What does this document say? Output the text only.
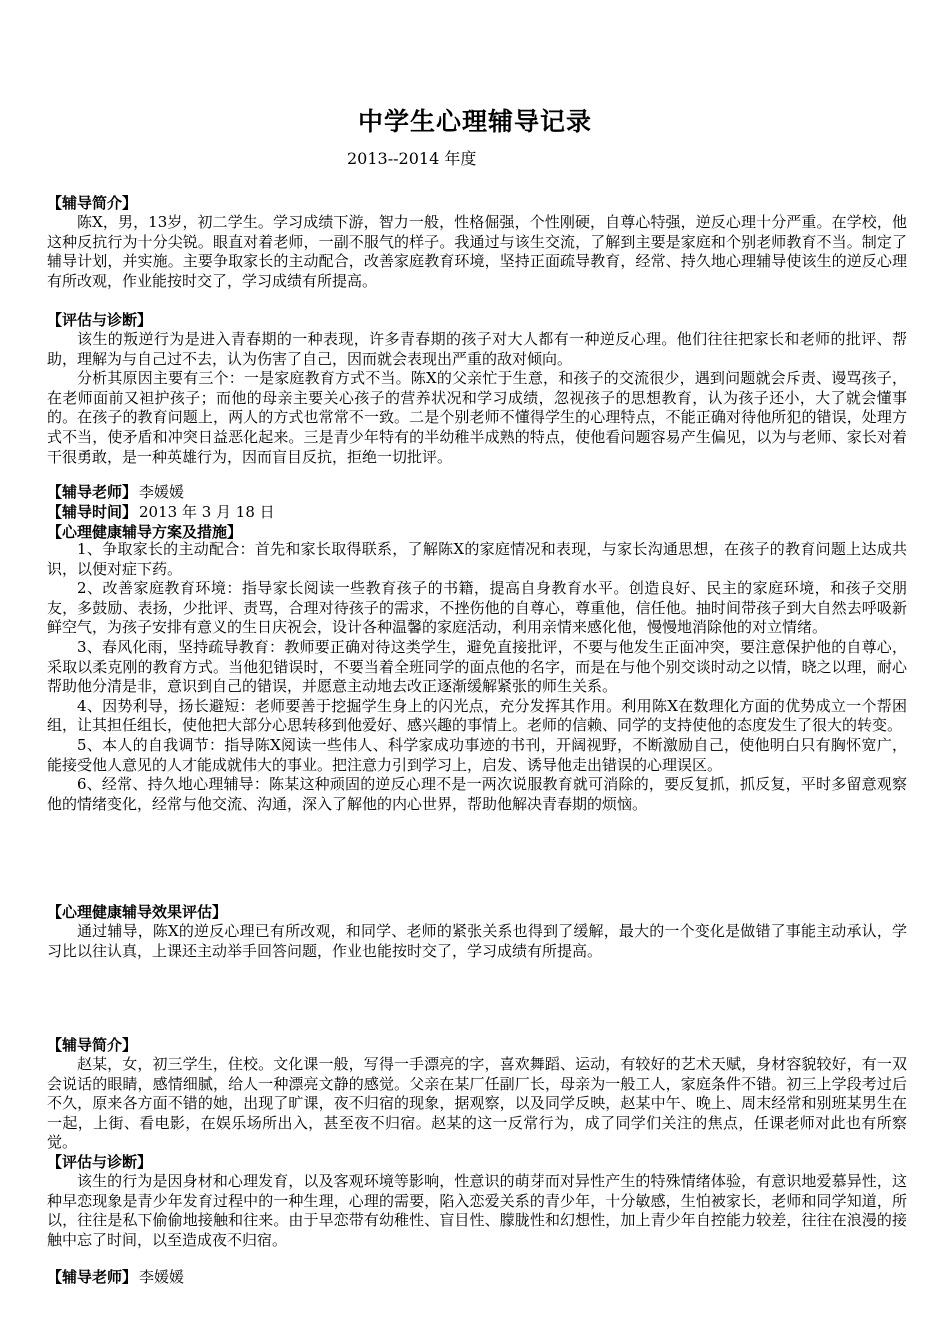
中学生心理辅导记录
2013--2014 年度
【辅导简介】

陈X，男，13岁，初二学生。学习成绩下游，智力一般，性格倔强，个性刚硬，自尊心特强，逆反心理十分严重。在学校，他这种反抗行为十分尖锐。眼直对着老师，一副不服气的样子。我通过与该生交流，了解到主要是家庭和个别老师教育不当。制定了辅导计划，并实施。主要争取家长的主动配合，改善家庭教育环境，坚持正面疏导教育，经常、持久地心理辅导使该生的逆反心理有所改观，作业能按时交了，学习成绩有所提高。

【评估与诊断】

该生的叛逆行为是进入青春期的一种表现，许多青春期的孩子对大人都有一种逆反心理。他们往往把家长和老师的批评、帮助，理解为与自己过不去，认为伤害了自己，因而就会表现出严重的敌对倾向。

分析其原因主要有三个：一是家庭教育方式不当。陈X的父亲忙于生意，和孩子的交流很少，遇到问题就会斥责、谩骂孩子，在老师面前又袒护孩子；而他的母亲主要关心孩子的营养状况和学习成绩，忽视孩子的思想教育，认为孩子还小，大了就会懂事的。在孩子的教育问题上，两人的方式也常常不一致。二是个别老师不懂得学生的心理特点，不能正确对待他所犯的错误，处理方式不当，使矛盾和冲突日益恶化起来。三是青少年特有的半幼稚半成熟的特点，使他看问题容易产生偏见，以为与老师、家长对着干很勇敢，是一种英雄行为，因而盲目反抗，拒绝一切批评。

【辅导老师】 李媛媛
【辅导时间】 2013 年 3 月 18 日
【心理健康辅导方案及措施】

1、争取家长的主动配合：首先和家长取得联系，了解陈X的家庭情况和表现，与家长沟通思想，在孩子的教育问题上达成共识，以便对症下药。

2、改善家庭教育环境：指导家长阅读一些教育孩子的书籍，提高自身教育水平。创造良好、民主的家庭环境，和孩子交朋友，多鼓励、表扬，少批评、责骂，合理对待孩子的需求，不挫伤他的自尊心，尊重他，信任他。抽时间带孩子到大自然去呼吸新鲜空气，为孩子安排有意义的生日庆祝会，设计各种温馨的家庭活动，利用亲情来感化他，慢慢地消除他的对立情绪。

3、春风化雨，坚持疏导教育：教师要正确对待这类学生，避免直接批评，不要与他发生正面冲突，要注意保护他的自尊心，采取以柔克刚的教育方式。当他犯错误时，不要当着全班同学的面点他的名字，而是在与他个别交谈时动之以情，晓之以理，耐心帮助他分清是非，意识到自己的错误，并愿意主动地去改正逐渐缓解紧张的师生关系。

4、因势利导，扬长避短：老师要善于挖掘学生身上的闪光点，充分发挥其作用。利用陈X在数理化方面的优势成立一个帮困组，让其担任组长，使他把大部分心思转移到他爱好、感兴趣的事情上。老师的信赖、同学的支持使他的态度发生了很大的转变。

5、本人的自我调节：指导陈X阅读一些伟人、科学家成功事迹的书刊，开阔视野，不断激励自己，使他明白只有胸怀宽广，能接受他人意见的人才能成就伟大的事业。把注意力引到学习上，启发、诱导他走出错误的心理误区。

6、经常、持久地心理辅导：陈某这种顽固的逆反心理不是一两次说服教育就可消除的，要反复抓，抓反复，平时多留意观察他的情绪变化，经常与他交流、沟通，深入了解他的内心世界，帮助他解决青春期的烦恼。

【心理健康辅导效果评估】

通过辅导，陈X的逆反心理已有所改观，和同学、老师的紧张关系也得到了缓解，最大的一个变化是做错了事能主动承认，学习比以往认真，上课还主动举手回答问题，作业也能按时交了，学习成绩有所提高。

【辅导简介】

赵某，女，初三学生，住校。文化课一般，写得一手漂亮的字，喜欢舞蹈、运动，有较好的艺术天赋，身材容貌较好，有一双会说话的眼睛，感情细腻，给人一种漂亮文静的感觉。父亲在某厂任副厂长，母亲为一般工人，家庭条件不错。初三上学段考过后不久，原来各方面不错的她，出现了旷课，夜不归宿的现象，据观察，以及同学反映，赵某中午、晚上、周末经常和别班某男生在一起，上街、看电影，在娱乐场所出入，甚至夜不归宿。赵某的这一反常行为，成了同学们关注的焦点，任课老师对此也有所察觉。

【评估与诊断】

该生的行为是因身材和心理发育，以及客观环境等影响，性意识的萌芽而对异性产生的特殊情绪体验，有意识地爱慕异性，这种早恋现象是青少年发育过程中的一种生理，心理的需要，陷入恋爱关系的青少年，十分敏感，生怕被家长，老师和同学知道，所以，往往是私下偷偷地接触和往来。由于早恋带有幼稚性、盲目性、朦胧性和幻想性，加上青少年自控能力较差，往往在浪漫的接触中忘了时间，以至造成夜不归宿。

【辅导老师】 李媛媛
